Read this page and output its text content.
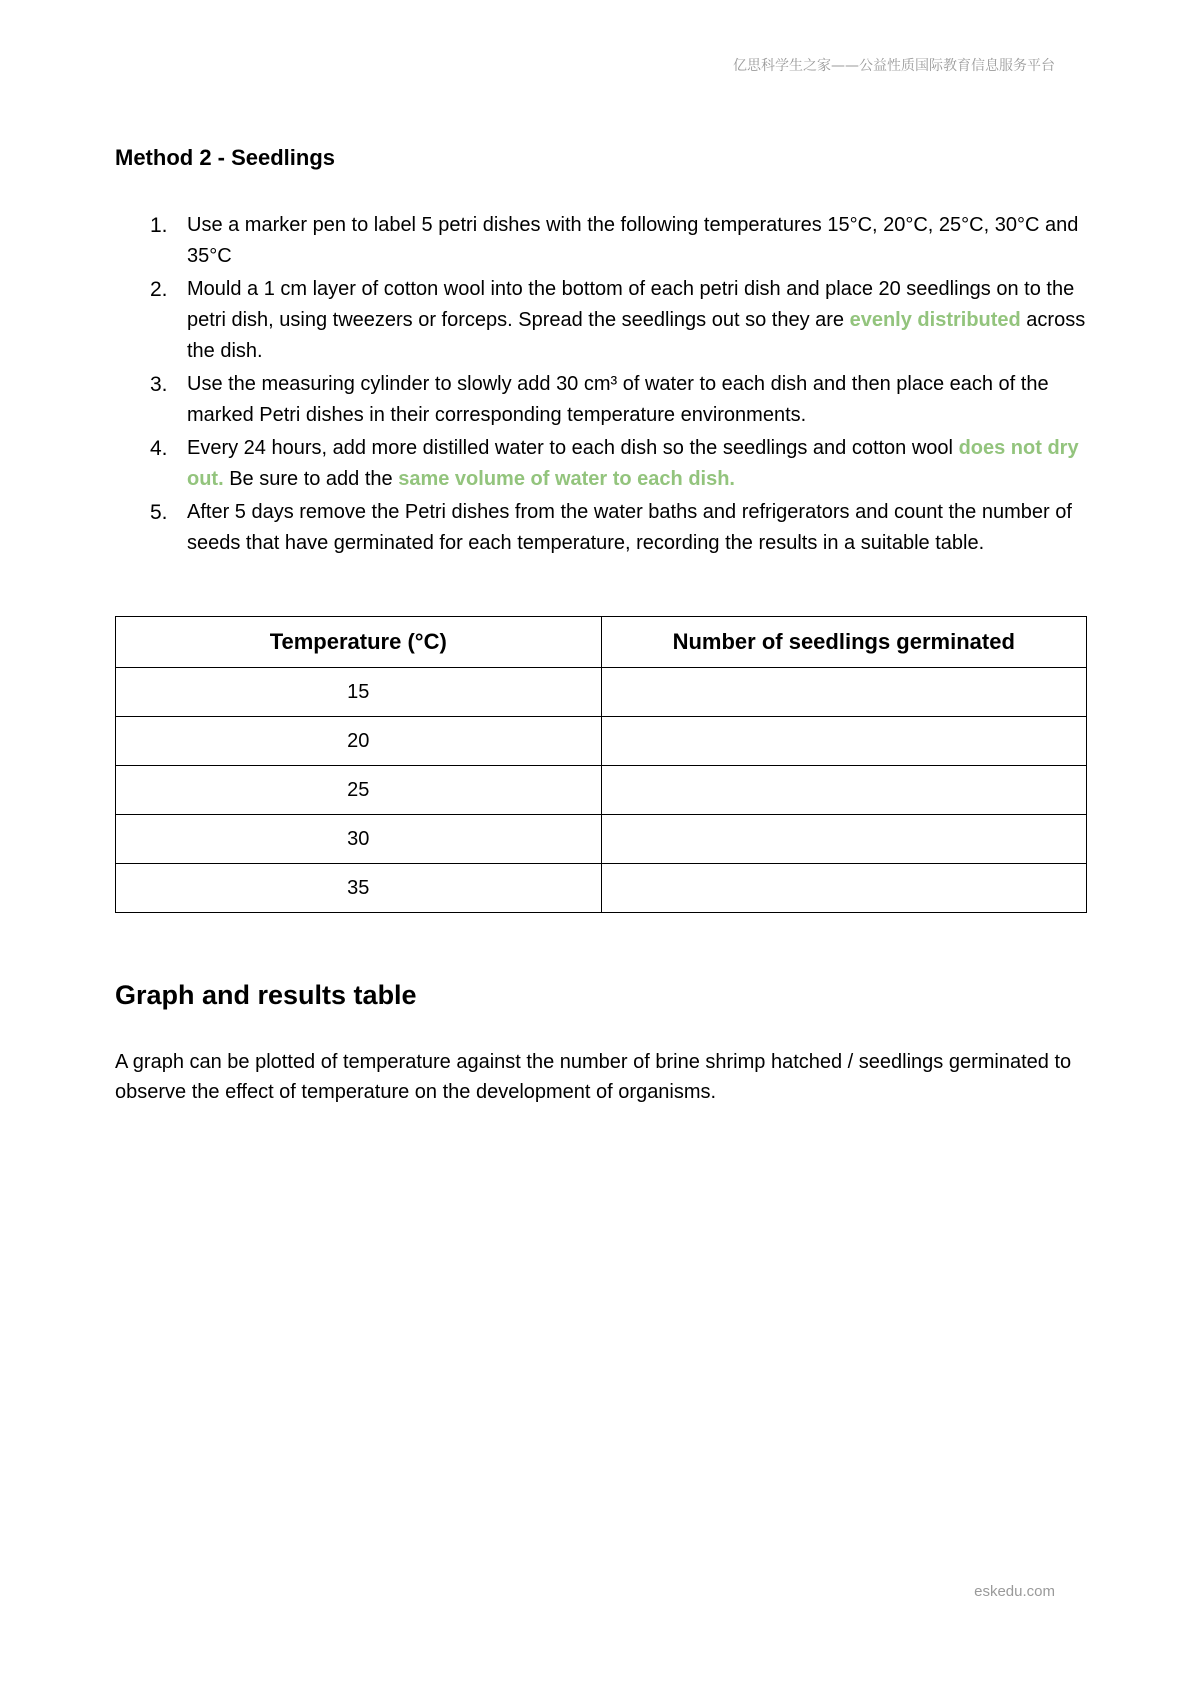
亿思科学生之家——公益性质国际教育信息服务平台
Method 2 - Seedlings
1. Use a marker pen to label 5 petri dishes with the following temperatures 15°C, 20°C, 25°C, 30°C and 35°C
2. Mould a 1 cm layer of cotton wool into the bottom of each petri dish and place 20 seedlings on to the petri dish, using tweezers or forceps. Spread the seedlings out so they are evenly distributed across the dish.
3. Use the measuring cylinder to slowly add 30 cm³ of water to each dish and then place each of the marked Petri dishes in their corresponding temperature environments.
4. Every 24 hours, add more distilled water to each dish so the seedlings and cotton wool does not dry out. Be sure to add the same volume of water to each dish.
5. After 5 days remove the Petri dishes from the water baths and refrigerators and count the number of seeds that have germinated for each temperature, recording the results in a suitable table.
Temperature (°C)	Number of seedlings germinated
15	
20	
25	
30	
35	
Graph and results table

A graph can be plotted of temperature against the number of brine shrimp hatched / seedlings germinated to observe the effect of temperature on the development of organisms.

eskedu.com
